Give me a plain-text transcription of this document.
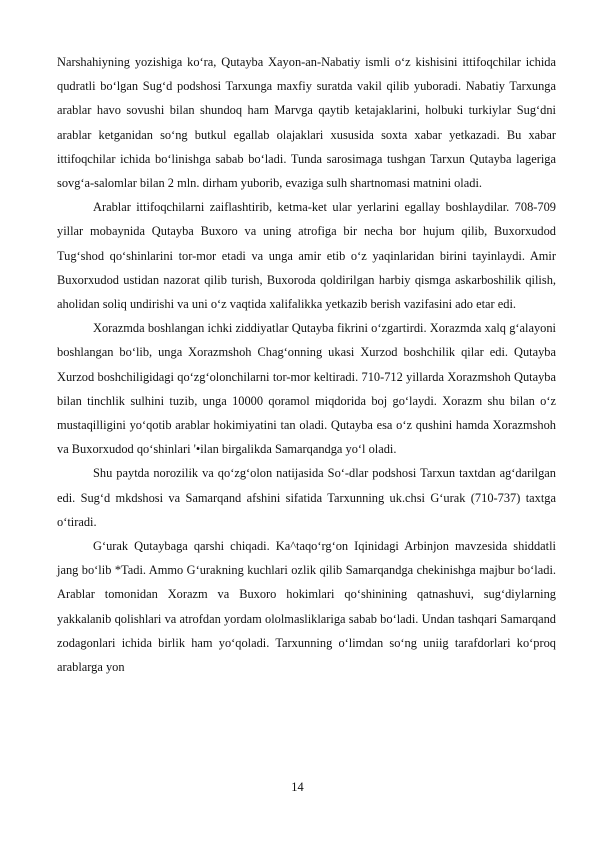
Narshahiyning yozishiga ko‘ra, Qutayba Xayon-an-Nabatiy ismli o‘z kishisini ittifoqchilar ichida qudratli bo‘lgan Sug‘d podshosi Tarxunga maxfiy suratda vakil qilib yuboradi. Nabatiy Tarxunga arablar havo sovushi bilan shundoq ham Marvga qaytib ketajaklarini, holbuki turkiylar Sug‘dni arablar ketganidan so‘ng butkul egallab olajaklari xususida soxta xabar yetkazadi. Bu xabar ittifoqchilar ichida bo‘linishga sabab bo‘ladi. Tunda sarosimaga tushgan Tarxun Qutayba lageriga sovg‘a-salomlar bilan 2 mln. dirham yuborib, evaziga sulh shartnomasi matnini oladi.

Arablar ittifoqchilarni zaiflashtirib, ketma-ket ular yerlarini egallay boshlaydilar. 708-709 yillar mobaynida Qutayba Buxoro va uning atrofiga bir necha bor hujum qilib, Buxorxudod Tug‘shod qo‘shinlarini tor-mor etadi va unga amir etib o‘z yaqinlaridan birini tayinlaydi. Amir Buxorxudod ustidan nazorat qilib turish, Buxoroda qoldirilgan harbiy qismga askarboshilik qilish, aholidan soliq undirishi va uni o‘z vaqtida xalifalikka yetkazib berish vazifasini ado etar edi.

Xorazmda boshlangan ichki ziddiyatlar Qutayba fikrini o‘zgartirdi. Xorazmda xalq g‘alayoni boshlangan bo‘lib, unga Xorazmshoh Chag‘onning ukasi Xurzod boshchilik qilar edi. Qutayba Xurzod boshchiligidagi qo‘zg‘olonchilarni tor-mor keltiradi. 710-712 yillarda Xorazmshoh Qutayba bilan tinchlik sulhini tuzib, unga 10000 qoramol miqdorida boj go‘laydi. Xorazm shu bilan o‘z mustaqilligini yo‘qotib arablar hokimiyatini tan oladi. Qutayba esa o‘z qushini hamda Xorazmshoh va Buxorxudod qo‘shinlari '•ilan birgalikda Samarqandga yo‘l oladi.

Shu paytda norozilik va qo‘zg‘olon natijasida So‘-dlar podshosi Tarxun taxtdan ag‘darilgan edi. Sug‘d mkdshosi va Samarqand afshini sifatida Tarxunning uk.chsi G‘urak (710-737) taxtga o‘tiradi.

G‘urak Qutaybaga qarshi chiqadi. Ka^taqo‘rg‘on Iqinidagi Arbinjon mavzesida shiddatli jang bo‘lib *Tadi. Ammo G‘urakning kuchlari ozlik qilib Samarqandga chekinishga majbur bo‘ladi. Arablar tomonidan Xorazm va Buxoro hokimlari qo‘shinining qatnashuvi, sug‘diylarning yakkalanib qolishlari va atrofdan yordam ololmasliklariga sabab bo‘ladi. Undan tashqari Samarqand zodagonlari ichida birlik ham yo‘qoladi. Tarxunning o‘limdan so‘ng uniig tarafdorlari ko‘proq arablarga yon

14
